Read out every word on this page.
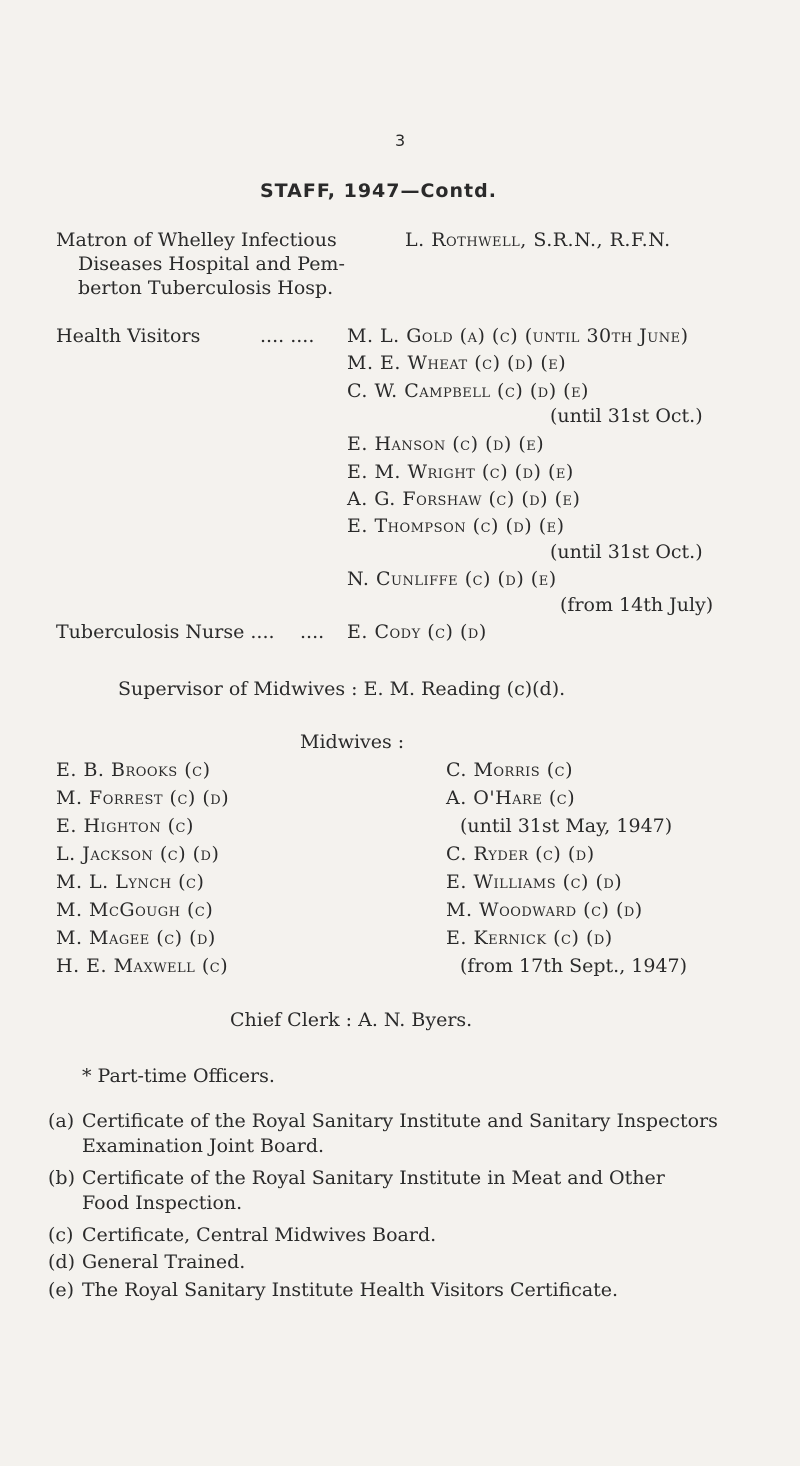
3
STAFF, 1947—Contd.
Matron of Whelley Infectious
Diseases Hospital and Pem-
berton Tuberculosis Hosp.
L. Rothwell, S.R.N., R.F.N.
Health Visitors	.... .... M. L. Gold (a) (c) (until 30th June)
M. E. Wheat (c) (d) (e)
C. W. Campbell (c) (d) (e)
(until 31st Oct.)
E. Hanson (c) (d) (e)
E. M. Wright (c) (d) (e)
A. G. Forshaw (c) (d) (e)
E. Thompson (c) (d) (e)
(until 31st Oct.)
N. Cunliffe (c) (d) (e)
(from 14th July)
Tuberculosis Nurse .... .... E. Cody (c) (d)
Supervisor of Midwives : E. M. Reading (c)(d).
Midwives :
E. B. Brooks (c)
M. Forrest (c) (d)
E. Highton (c)
L. Jackson (c) (d)
M. L. Lynch (c)
M. McGough (c)
M. Magee (c) (d)
H. E. Maxwell (c)
C. Morris (c)
A. O'Hare (c)
(until 31st May, 1947)
C. Ryder (c) (d)
E. Williams (c) (d)
M. Woodward (c) (d)
E. Kernick (c) (d)
(from 17th Sept., 1947)
Chief Clerk : A. N. Byers.
* Part-time Officers.
(a) Certificate of the Royal Sanitary Institute and Sanitary Inspectors
Examination Joint Board.
(b) Certificate of the Royal Sanitary Institute in Meat and Other
Food Inspection.
(c) Certificate, Central Midwives Board.
(d) General Trained.
(e) The Royal Sanitary Institute Health Visitors Certificate.
